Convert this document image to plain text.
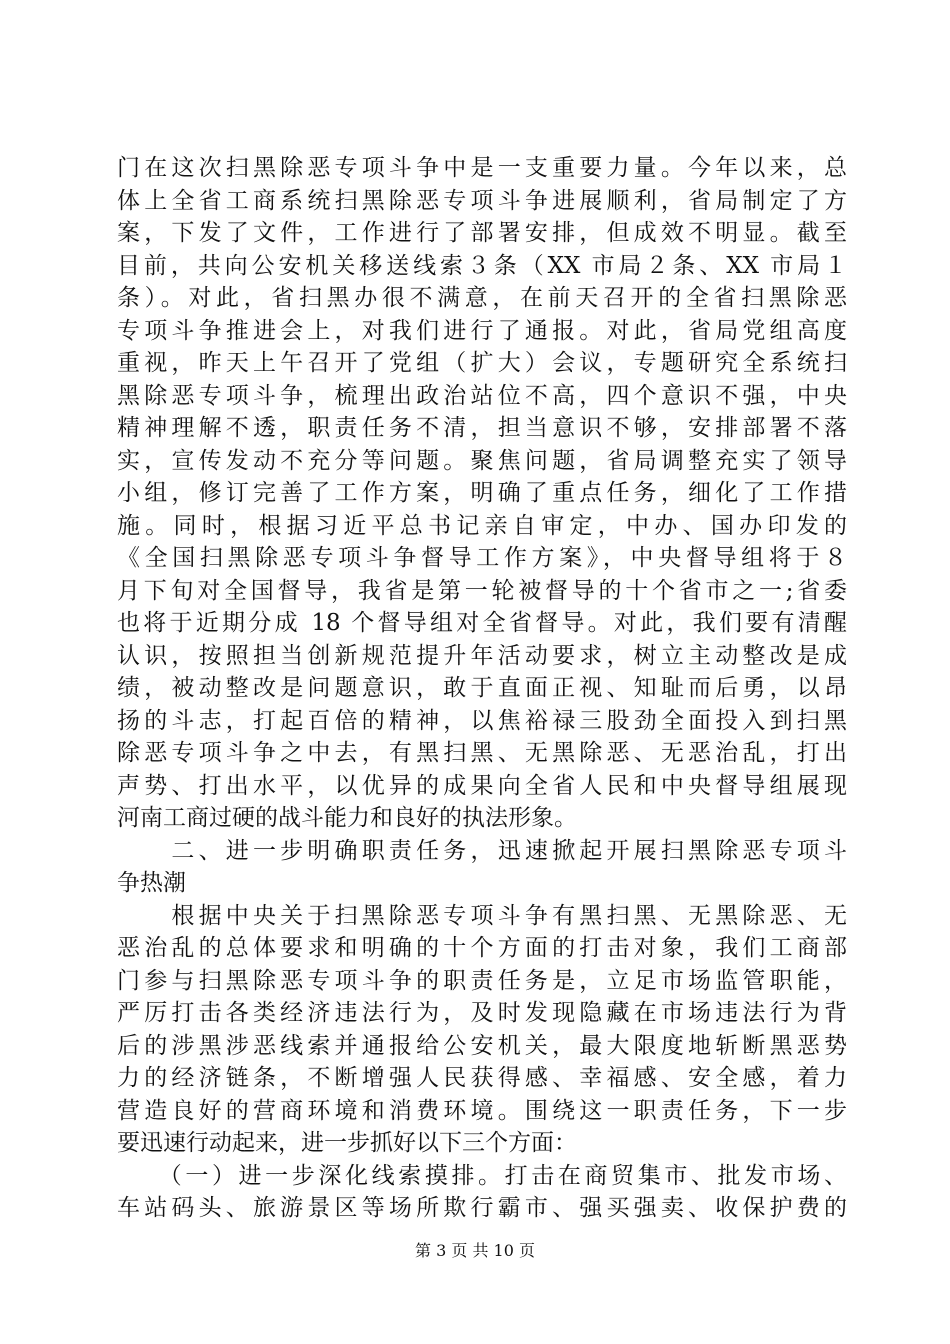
门在这次扫黑除恶专项斗争中是一支重要力量。今年以来，总
体上全省工商系统扫黑除恶专项斗争进展顺利，省局制定了方
案，下发了文件，工作进行了部署安排，但成效不明显。截至
目前，共向公安机关移送线索３条（XX 市局２条、XX 市局１
条）。对此，省扫黑办很不满意，在前天召开的全省扫黑除恶
专项斗争推进会上，对我们进行了通报。对此，省局党组高度
重视，昨天上午召开了党组（扩大）会议，专题研究全系统扫
黑除恶专项斗争，梳理出政治站位不高，四个意识不强，中央
精神理解不透，职责任务不清，担当意识不够，安排部署不落
实，宣传发动不充分等问题。聚焦问题，省局调整充实了领导
小组，修订完善了工作方案，明确了重点任务，细化了工作措
施。同时，根据习近平总书记亲自审定，中办、国办印发的
《全国扫黑除恶专项斗争督导工作方案》，中央督导组将于８
月下旬对全国督导，我省是第一轮被督导的十个省市之一;省委
也将于近期分成 18 个督导组对全省督导。对此，我们要有清醒
认识，按照担当创新规范提升年活动要求，树立主动整改是成
绩，被动整改是问题意识，敢于直面正视、知耻而后勇，以昂
扬的斗志，打起百倍的精神，以焦裕禄三股劲全面投入到扫黑
除恶专项斗争之中去，有黑扫黑、无黑除恶、无恶治乱，打出
声势、打出水平，以优异的成果向全省人民和中央督导组展现
河南工商过硬的战斗能力和良好的执法形象。
　　二、进一步明确职责任务，迅速掀起开展扫黑除恶专项斗
争热潮
　　根据中央关于扫黑除恶专项斗争有黑扫黑、无黑除恶、无
恶治乱的总体要求和明确的十个方面的打击对象，我们工商部
门参与扫黑除恶专项斗争的职责任务是，立足市场监管职能，
严厉打击各类经济违法行为，及时发现隐藏在市场违法行为背
后的涉黑涉恶线索并通报给公安机关，最大限度地斩断黑恶势
力的经济链条，不断增强人民获得感、幸福感、安全感，着力
营造良好的营商环境和消费环境。围绕这一职责任务，下一步
要迅速行动起来，进一步抓好以下三个方面：
　　（一）进一步深化线索摸排。打击在商贸集市、批发市场、
车站码头、旅游景区等场所欺行霸市、强买强卖、收保护费的
第 3 页 共 10 页
